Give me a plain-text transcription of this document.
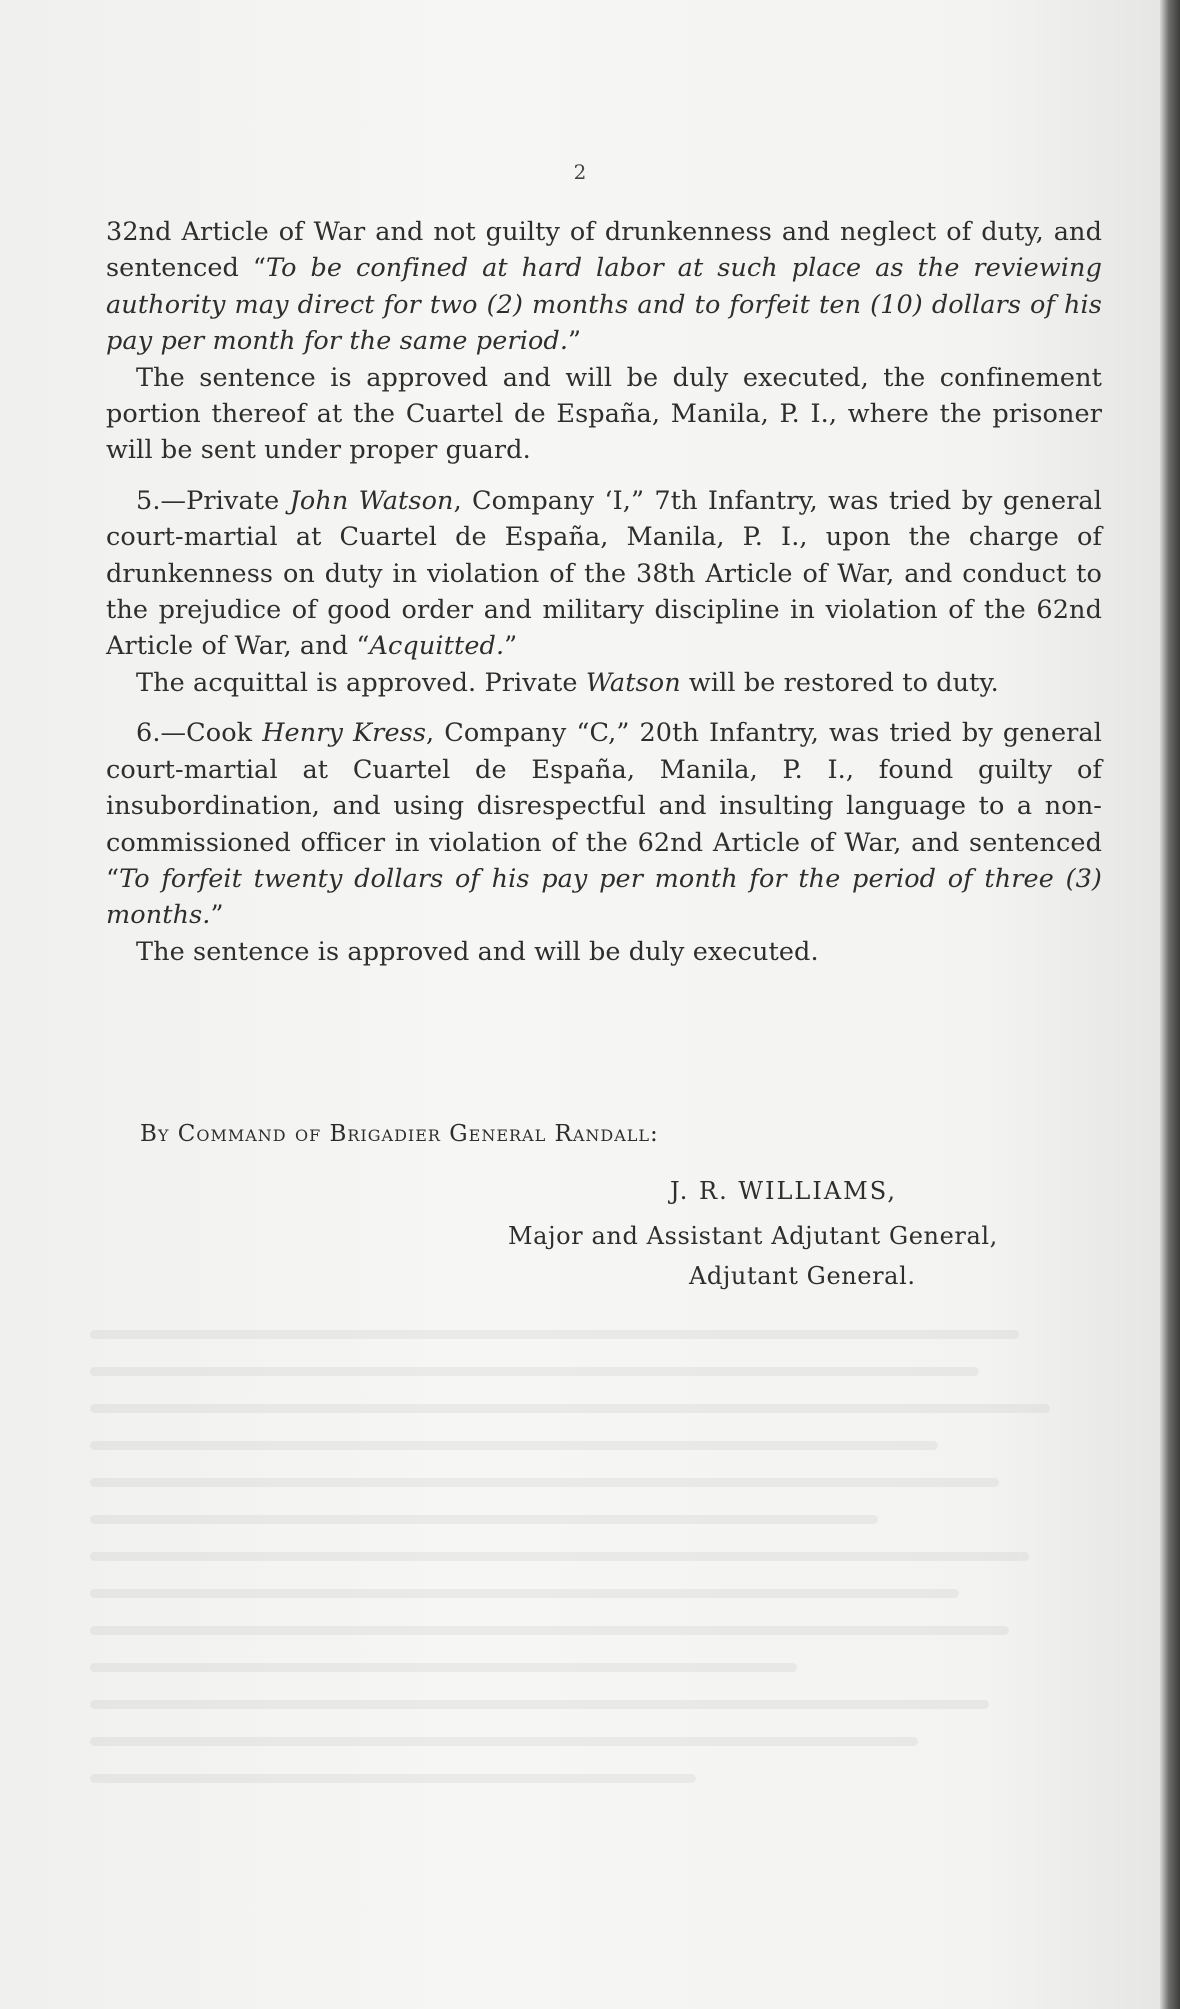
2

32nd Article of War and not guilty of drunkenness and neglect of duty, and sentenced “To be confined at hard labor at such place as the reviewing authority may direct for two (2) months and to forfeit ten (10) dollars of his pay per month for the same period.”

The sentence is approved and will be duly executed, the confinement portion thereof at the Cuartel de España, Manila, P. I., where the prisoner will be sent under proper guard.

5.—Private John Watson, Company ‘I,” 7th Infantry, was tried by general court-martial at Cuartel de España, Manila, P. I., upon the charge of drunkenness on duty in violation of the 38th Article of War, and conduct to the prejudice of good order and military discipline in violation of the 62nd Article of War, and “Acquitted.”

The acquittal is approved. Private Watson will be restored to duty.

6.—Cook Henry Kress, Company “C,” 20th Infantry, was tried by general court-martial at Cuartel de España, Manila, P. I., found guilty of insubordination, and using disrespectful and insulting language to a non-commissioned officer in violation of the 62nd Article of War, and sentenced “To forfeit twenty dollars of his pay per month for the period of three (3) months.”

The sentence is approved and will be duly executed.

By Command of Brigadier General Randall:
J. R. WILLIAMS,
Major and Assistant Adjutant General,
Adjutant General.
